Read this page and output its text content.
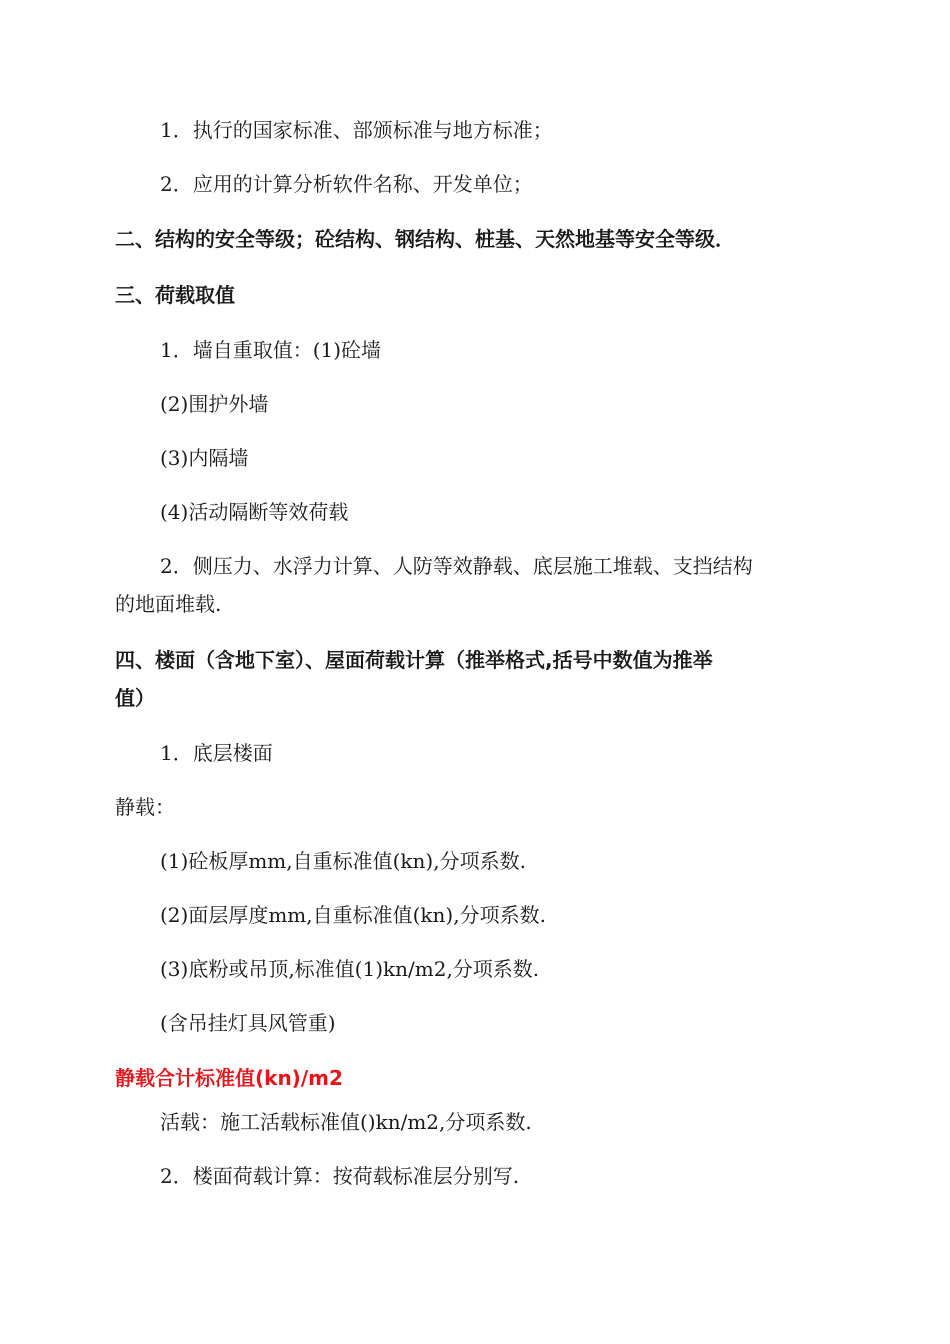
1．执行的国家标准、部颁标准与地方标准；
2．应用的计算分析软件名称、开发单位；
二、结构的安全等级；砼结构、钢结构、桩基、天然地基等安全等级．
三、荷载取值
1．墙自重取值：(1)砼墙
(2)围护外墙
(3)内隔墙
(4)活动隔断等效荷载
2．侧压力、水浮力计算、人防等效静载、底层施工堆载、支挡结构
的地面堆载.
四、楼面（含地下室）、屋面荷载计算（推举格式,括号中数值为推举
值）
1．底层楼面
静载：
(1)砼板厚mm,自重标准值(kn),分项系数.
(2)面层厚度mm,自重标准值(kn),分项系数.
(3)底粉或吊顶,标准值(1)kn/m2,分项系数.
(含吊挂灯具风管重)
静载合计标准值(kn)/m2
活载：施工活载标准值()kn/m2,分项系数.
2．楼面荷载计算：按荷载标准层分别写.
